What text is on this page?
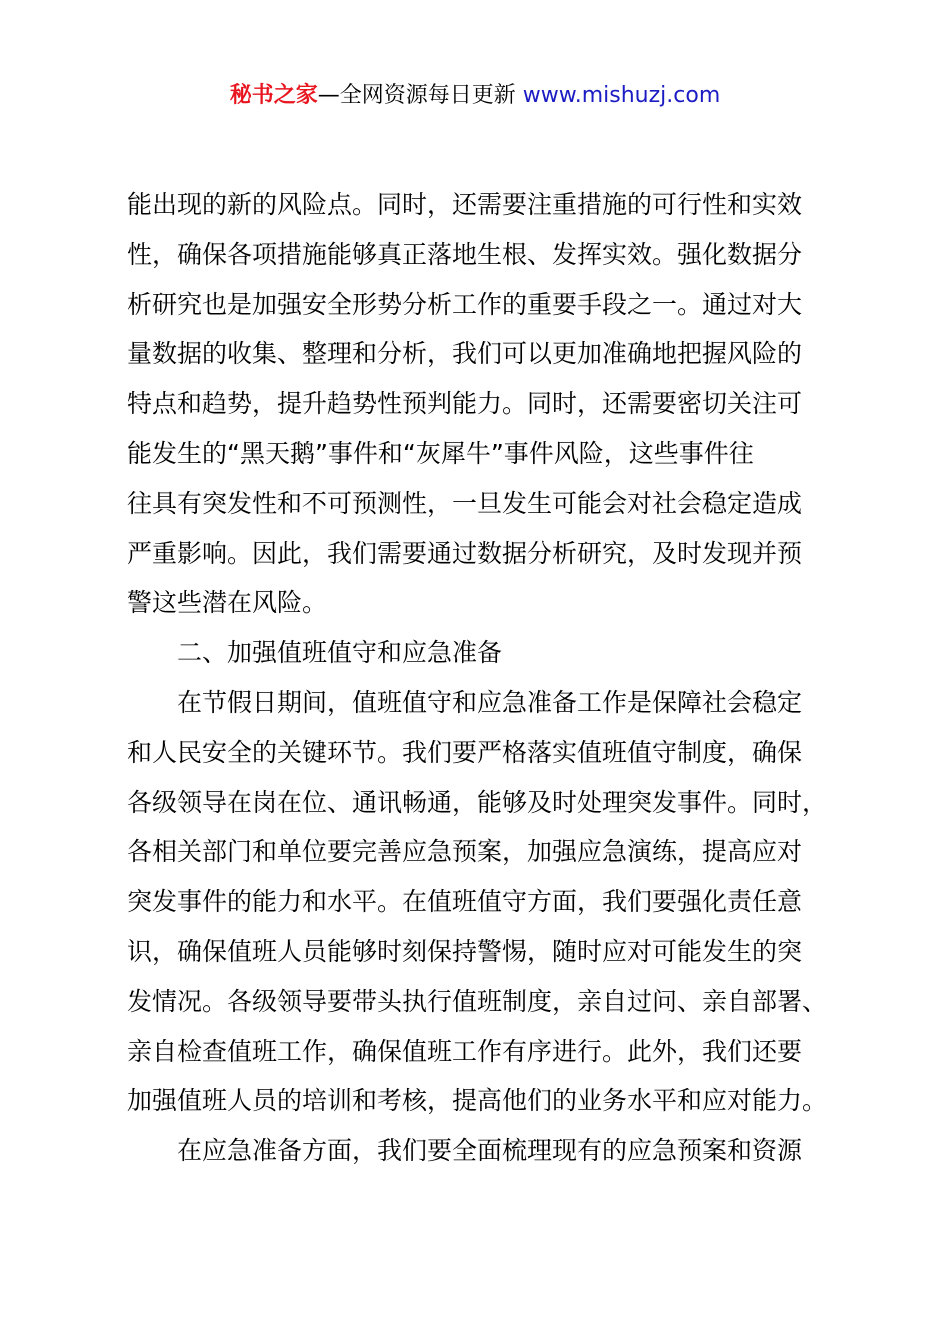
秘书之家—全网资源每日更新 www.mishuzj.com
能出现的新的风险点。同时，还需要注重措施的可行性和实效
性，确保各项措施能够真正落地生根、发挥实效。强化数据分
析研究也是加强安全形势分析工作的重要手段之一。通过对大
量数据的收集、整理和分析，我们可以更加准确地把握风险的
特点和趋势，提升趋势性预判能力。同时，还需要密切关注可
能发生的“黑天鹅”事件和“灰犀牛”事件风险，这些事件往
往具有突发性和不可预测性，一旦发生可能会对社会稳定造成
严重影响。因此，我们需要通过数据分析研究，及时发现并预
警这些潜在风险。
二、加强值班值守和应急准备
在节假日期间，值班值守和应急准备工作是保障社会稳定
和人民安全的关键环节。我们要严格落实值班值守制度，确保
各级领导在岗在位、通讯畅通，能够及时处理突发事件。同时，
各相关部门和单位要完善应急预案，加强应急演练，提高应对
突发事件的能力和水平。在值班值守方面，我们要强化责任意
识，确保值班人员能够时刻保持警惕，随时应对可能发生的突
发情况。各级领导要带头执行值班制度，亲自过问、亲自部署、
亲自检查值班工作，确保值班工作有序进行。此外，我们还要
加强值班人员的培训和考核，提高他们的业务水平和应对能力。
在应急准备方面，我们要全面梳理现有的应急预案和资源
